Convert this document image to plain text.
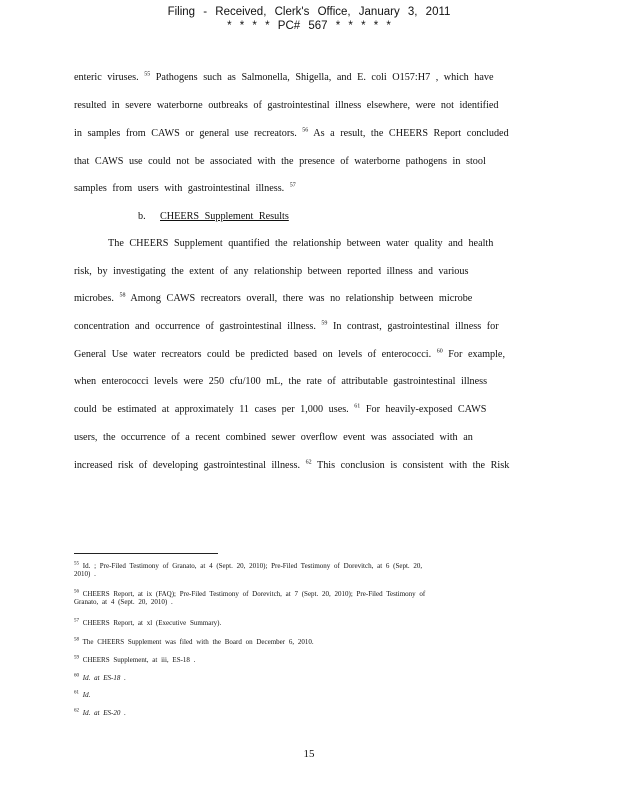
Filing - Received, Clerk's Office, January 3, 2011
* * * * PC# 567 * * * * *
enteric viruses. $^{55}$ Pathogens such as Salmonella, Shigella, and E. coli O157:H7 , which have
resulted in severe waterborne outbreaks of gastrointestinal illness elsewhere, were not identified
in samples from CAWS or general use recreators. $^{56}$ As a result, the CHEERS Report concluded
that CAWS use could not be associated with the presence of waterborne pathogens in stool
samples from users with gastrointestinal illness. $^{57}$
b. CHEERS Supplement Results
The CHEERS Supplement quantified the relationship between water quality and health
risk, by investigating the extent of any relationship between reported illness and various
microbes. $^{58}$ Among CAWS recreators overall, there was no relationship between microbe
concentration and occurrence of gastrointestinal illness. $^{59}$ In contrast, gastrointestinal illness for
General Use water recreators could be predicted based on levels of enterococci. $^{60}$ For example,
when enterococci levels were 250 cfu/100 mL, the rate of attributable gastrointestinal illness
could be estimated at approximately 11 cases per 1,000 uses. $^{61}$ For heavily-exposed CAWS
users, the occurrence of a recent combined sewer overflow event was associated with an
increased risk of developing gastrointestinal illness. $^{62}$ This conclusion is consistent with the Risk
$^{55}$ Id. ; Pre-Filed Testimony of Granato, at 4 (Sept. 20, 2010); Pre-Filed Testimony of Dorevitch, at 6 (Sept. 20,
2010) .
$^{56}$ CHEERS Report, at ix (FAQ); Pre-Filed Testimony of Dorevitch, at 7 (Sept. 20, 2010); Pre-Filed Testimony of
Granato, at 4 (Sept. 20, 2010) .
$^{57}$ CHEERS Report, at xl (Executive Summary).
$^{58}$ The CHEERS Supplement was filed with the Board on December 6, 2010.
$^{59}$ CHEERS Supplement, at iii, ES-18 .
$^{60}$ Id. at ES-18 .
$^{61}$ Id.
$^{62}$ Id. at ES-20 .
15
